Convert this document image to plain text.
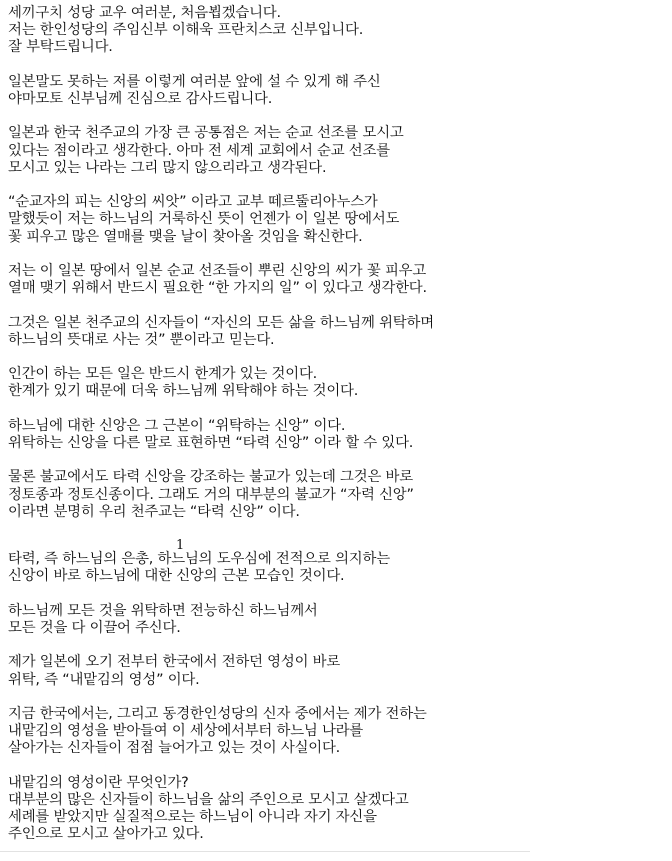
세끼구치 성당 교우 여러분, 처음뵙겠습니다.
저는 한인성당의 주임신부 이해욱 프란치스코 신부입니다.
잘 부탁드립니다.
일본말도 못하는 저를 이렇게 여러분 앞에 설 수 있게 해 주신
야마모토 신부님께 진심으로 감사드립니다.
일본과 한국 천주교의 가장 큰 공통점은 저는 순교 선조를 모시고
있다는 점이라고 생각한다. 아마 전 세계 교회에서 순교 선조를
모시고 있는 나라는 그리 많지 않으리라고 생각된다.
“순교자의 피는 신앙의 씨앗” 이라고 교부 떼르뚤리아누스가
말했듯이 저는 하느님의 거룩하신 뜻이 언젠가 이 일본 땅에서도
꽃 피우고 많은 열매를 맺을 날이 찾아올 것임을 확신한다.
저는 이 일본 땅에서 일본 순교 선조들이 뿌린 신앙의 씨가 꽃 피우고
열매 맺기 위해서 반드시 필요한 “한 가지의 일” 이 있다고 생각한다.
그것은 일본 천주교의 신자들이 “자신의 모든 삶을 하느님께 위탁하며
하느님의 뜻대로 사는 것” 뿐이라고 믿는다.
인간이 하는 모든 일은 반드시 한계가 있는 것이다.
한계가 있기 때문에 더욱 하느님께 위탁해야 하는 것이다.
하느님에 대한 신앙은 그 근본이 “위탁하는 신앙” 이다.
위탁하는 신앙을 다른 말로 표현하면 “타력 신앙” 이라 할 수 있다.
물론 불교에서도 타력 신앙을 강조하는 불교가 있는데 그것은 바로
정토종과 정토신종이다. 그래도 거의 대부분의 불교가 “자력 신앙”
이라면 분명히 우리 천주교는 “타력 신앙” 이다.
1
타력, 즉 하느님의 은총, 하느님의 도우심에 전적으로 의지하는
신앙이 바로 하느님에 대한 신앙의 근본 모습인 것이다.
하느님께 모든 것을 위탁하면 전능하신 하느님께서
모든 것을 다 이끌어 주신다.
제가 일본에 오기 전부터 한국에서 전하던 영성이 바로
위탁, 즉 “내맡김의 영성” 이다.
지금 한국에서는, 그리고 동경한인성당의 신자 중에서는 제가 전하는
내맡김의 영성을 받아들여 이 세상에서부터 하느님 나라를
살아가는 신자들이 점점 늘어가고 있는 것이 사실이다.
내맡김의 영성이란 무엇인가?
대부분의 많은 신자들이 하느님을 삶의 주인으로 모시고 살겠다고
세례를 받았지만 실질적으로는 하느님이 아니라 자기 자신을
주인으로 모시고 살아가고 있다.
